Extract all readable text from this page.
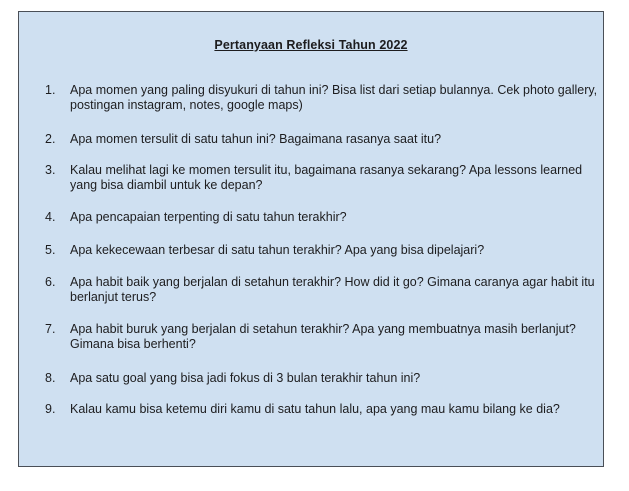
Pertanyaan Refleksi Tahun 2022
1.	Apa momen yang paling disyukuri di tahun ini? Bisa list dari setiap bulannya. Cek photo gallery, postingan instagram, notes, google maps)
2.	Apa momen tersulit di satu tahun ini? Bagaimana rasanya saat itu?
3.	Kalau melihat lagi ke momen tersulit itu, bagaimana rasanya sekarang? Apa lessons learned yang bisa diambil untuk ke depan?
4.	Apa pencapaian terpenting di satu tahun terakhir?
5.	Apa kekecewaan terbesar di satu tahun terakhir? Apa yang bisa dipelajari?
6.	Apa habit baik yang berjalan di setahun terakhir? How did it go? Gimana caranya agar habit itu berlanjut terus?
7.	Apa habit buruk yang berjalan di setahun terakhir? Apa yang membuatnya masih berlanjut? Gimana bisa berhenti?
8.	Apa satu goal yang bisa jadi fokus di 3 bulan terakhir tahun ini?
9.	Kalau kamu bisa ketemu diri kamu di satu tahun lalu, apa yang mau kamu bilang ke dia?
